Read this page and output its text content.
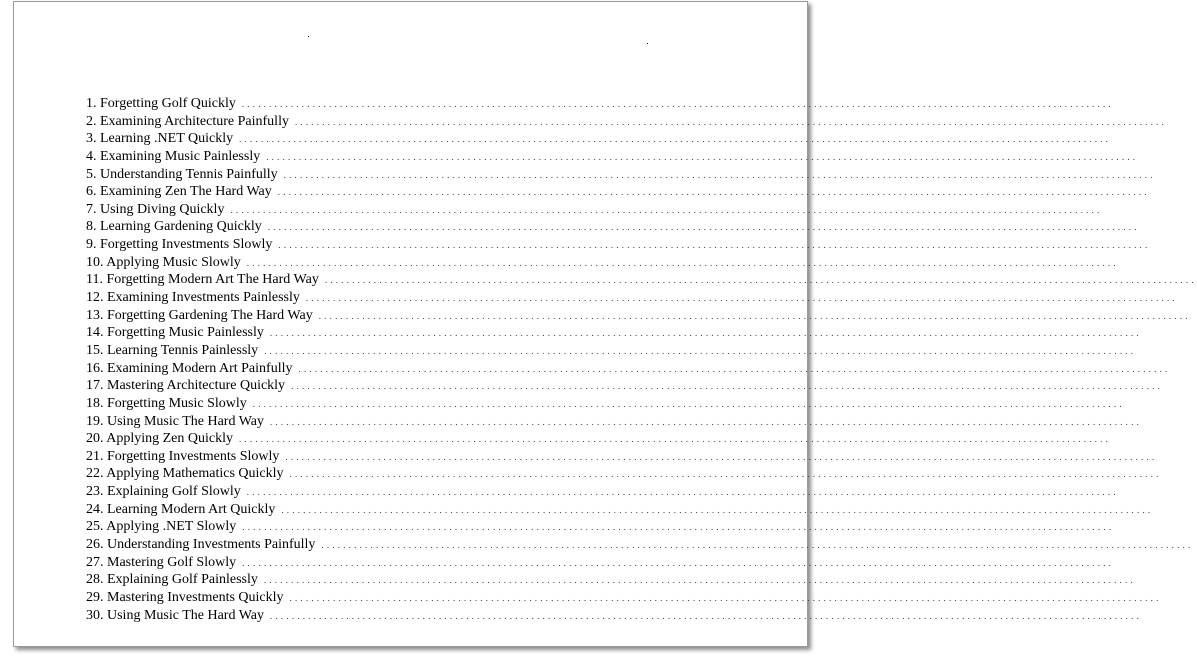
1. Forgetting Golf Quickly ................................................................................................................................................................
2. Examining Architecture Painfully ................................................................................................................................................................
3. Learning .NET Quickly ................................................................................................................................................................
4. Examining Music Painlessly ................................................................................................................................................................
5. Understanding Tennis Painfully ................................................................................................................................................................
6. Examining Zen The Hard Way ................................................................................................................................................................
7. Using Diving Quickly ................................................................................................................................................................
8. Learning Gardening Quickly ................................................................................................................................................................
9. Forgetting Investments Slowly ................................................................................................................................................................
10. Applying Music Slowly ................................................................................................................................................................
11. Forgetting Modern Art The Hard Way ................................................................................................................................................................
12. Examining Investments Painlessly ................................................................................................................................................................
13. Forgetting Gardening The Hard Way ................................................................................................................................................................
14. Forgetting Music Painlessly ................................................................................................................................................................
15. Learning Tennis Painlessly ................................................................................................................................................................
16. Examining Modern Art Painfully ................................................................................................................................................................
17. Mastering Architecture Quickly ................................................................................................................................................................
18. Forgetting Music Slowly ................................................................................................................................................................
19. Using Music The Hard Way ................................................................................................................................................................
20. Applying Zen Quickly ................................................................................................................................................................
21. Forgetting Investments Slowly ................................................................................................................................................................
22. Applying Mathematics Quickly ................................................................................................................................................................
23. Explaining Golf Slowly ................................................................................................................................................................
24. Learning Modern Art Quickly ................................................................................................................................................................
25. Applying .NET Slowly ................................................................................................................................................................
26. Understanding Investments Painfully ................................................................................................................................................................
27. Mastering Golf Slowly ................................................................................................................................................................
28. Explaining Golf Painlessly ................................................................................................................................................................
29. Mastering Investments Quickly ................................................................................................................................................................
30. Using Music The Hard Way ................................................................................................................................................................
